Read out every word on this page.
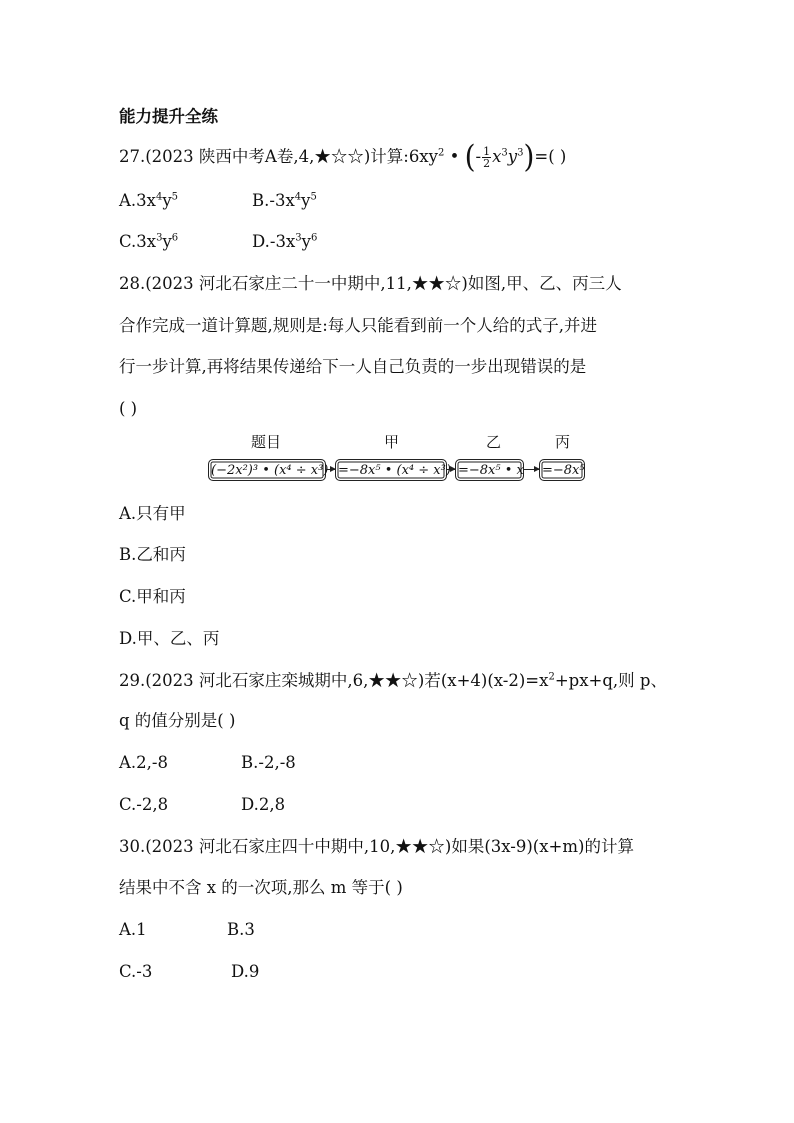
能力提升全练
27.(2023 陕西中考A卷,4,★☆☆)计算$:6xy^2$ • (- $\frac{1}{2} x^3y^3)=$( )
$A.3x^4y^5$	$B.-3x^4y^5$
$C.3x^3y^6$	$D.-3x^3y^6$
28.(2023 河北石家庄二十一中期中,11,★★☆)如图,甲、乙、丙三人
合作完成一道计算题,规则是:每人只能看到前一个人给的式子,并进
行一步计算,再将结果传递给下一人自己负责的一步出现错误的是
( )
题目	甲	乙	丙
(−2x²)³ • (x⁴ ÷ x³) =−8x⁵ • (x⁴ ÷ x³) =−8x⁵ • x =−8x⁵
A.只有甲
B.乙和丙
C.甲和丙
D.甲、乙、丙
29.(2023 河北石家庄栾城期中,6,★★☆)若$(x+4)(x-2)=x^2+px+q$,则 p、
q 的值分别是( )
A.2,-8	B.-2,-8
C.-2,8	D.2,8
30.(2023 河北石家庄四十中期中,10,★★☆)如果(3x-9)(x+m)的计算
结果中不含 x 的一次项,那么 m 等于( )
A.1	B.3
C.-3	D.9
